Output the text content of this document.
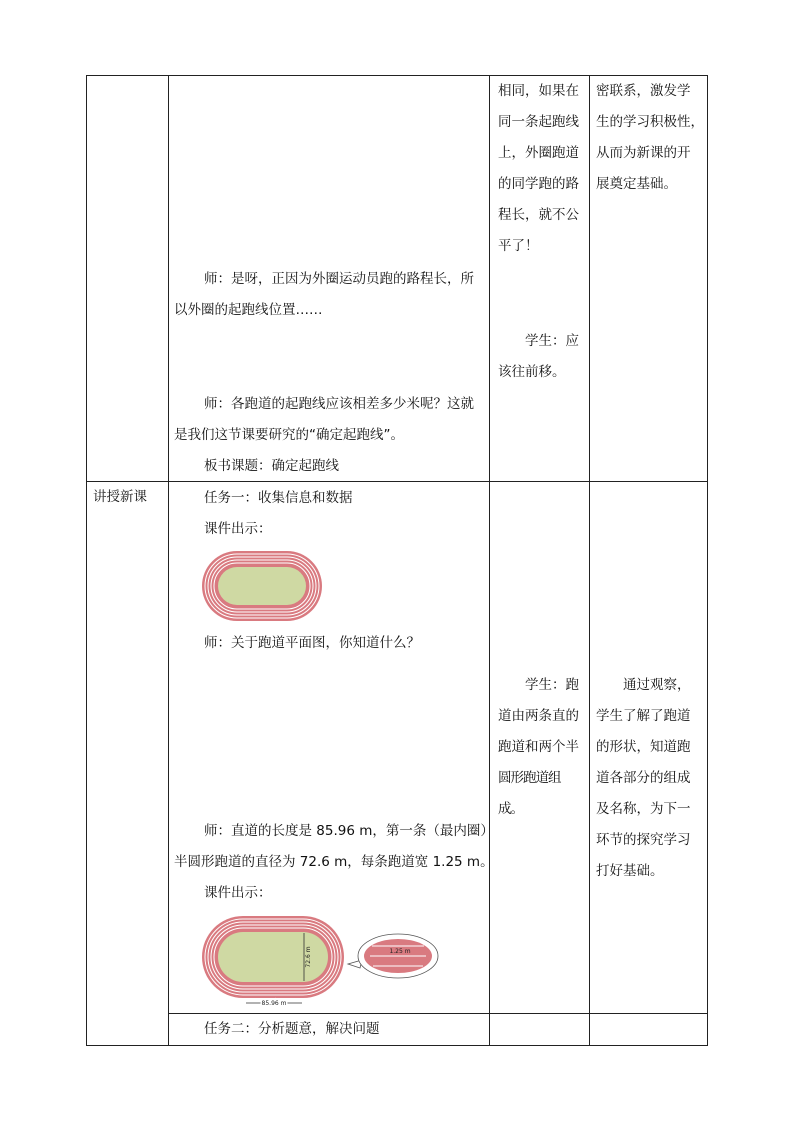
讲授新课
师：是呀，正因为外圈运动员跑的路程长，所
以外圈的起跑线位置……
师：各跑道的起跑线应该相差多少米呢？这就
是我们这节课要研究的“确定起跑线”。
板书课题：确定起跑线
任务一：收集信息和数据
课件出示：
师：关于跑道平面图，你知道什么？
师：直道的长度是 85.96 m，第一条（最内圈）
半圆形跑道的直径为 72.6 m，每条跑道宽 1.25 m。
课件出示：
72.6 m
85.96 m
1.25 m
任务二：分析题意，解决问题
相同，如果在
同一条起跑线
上，外圈跑道
的同学跑的路
程长，就不公
平了！
学生：应
该往前移。
学生：跑
道由两条直的
跑道和两个半
圆形跑道组成。
密联系，激发学
生的学习积极性，
从而为新课的开
展奠定基础。
通过观察，
学生了解了跑道
的形状，知道跑
道各部分的组成
及名称，为下一
环节的探究学习
打好基础。
